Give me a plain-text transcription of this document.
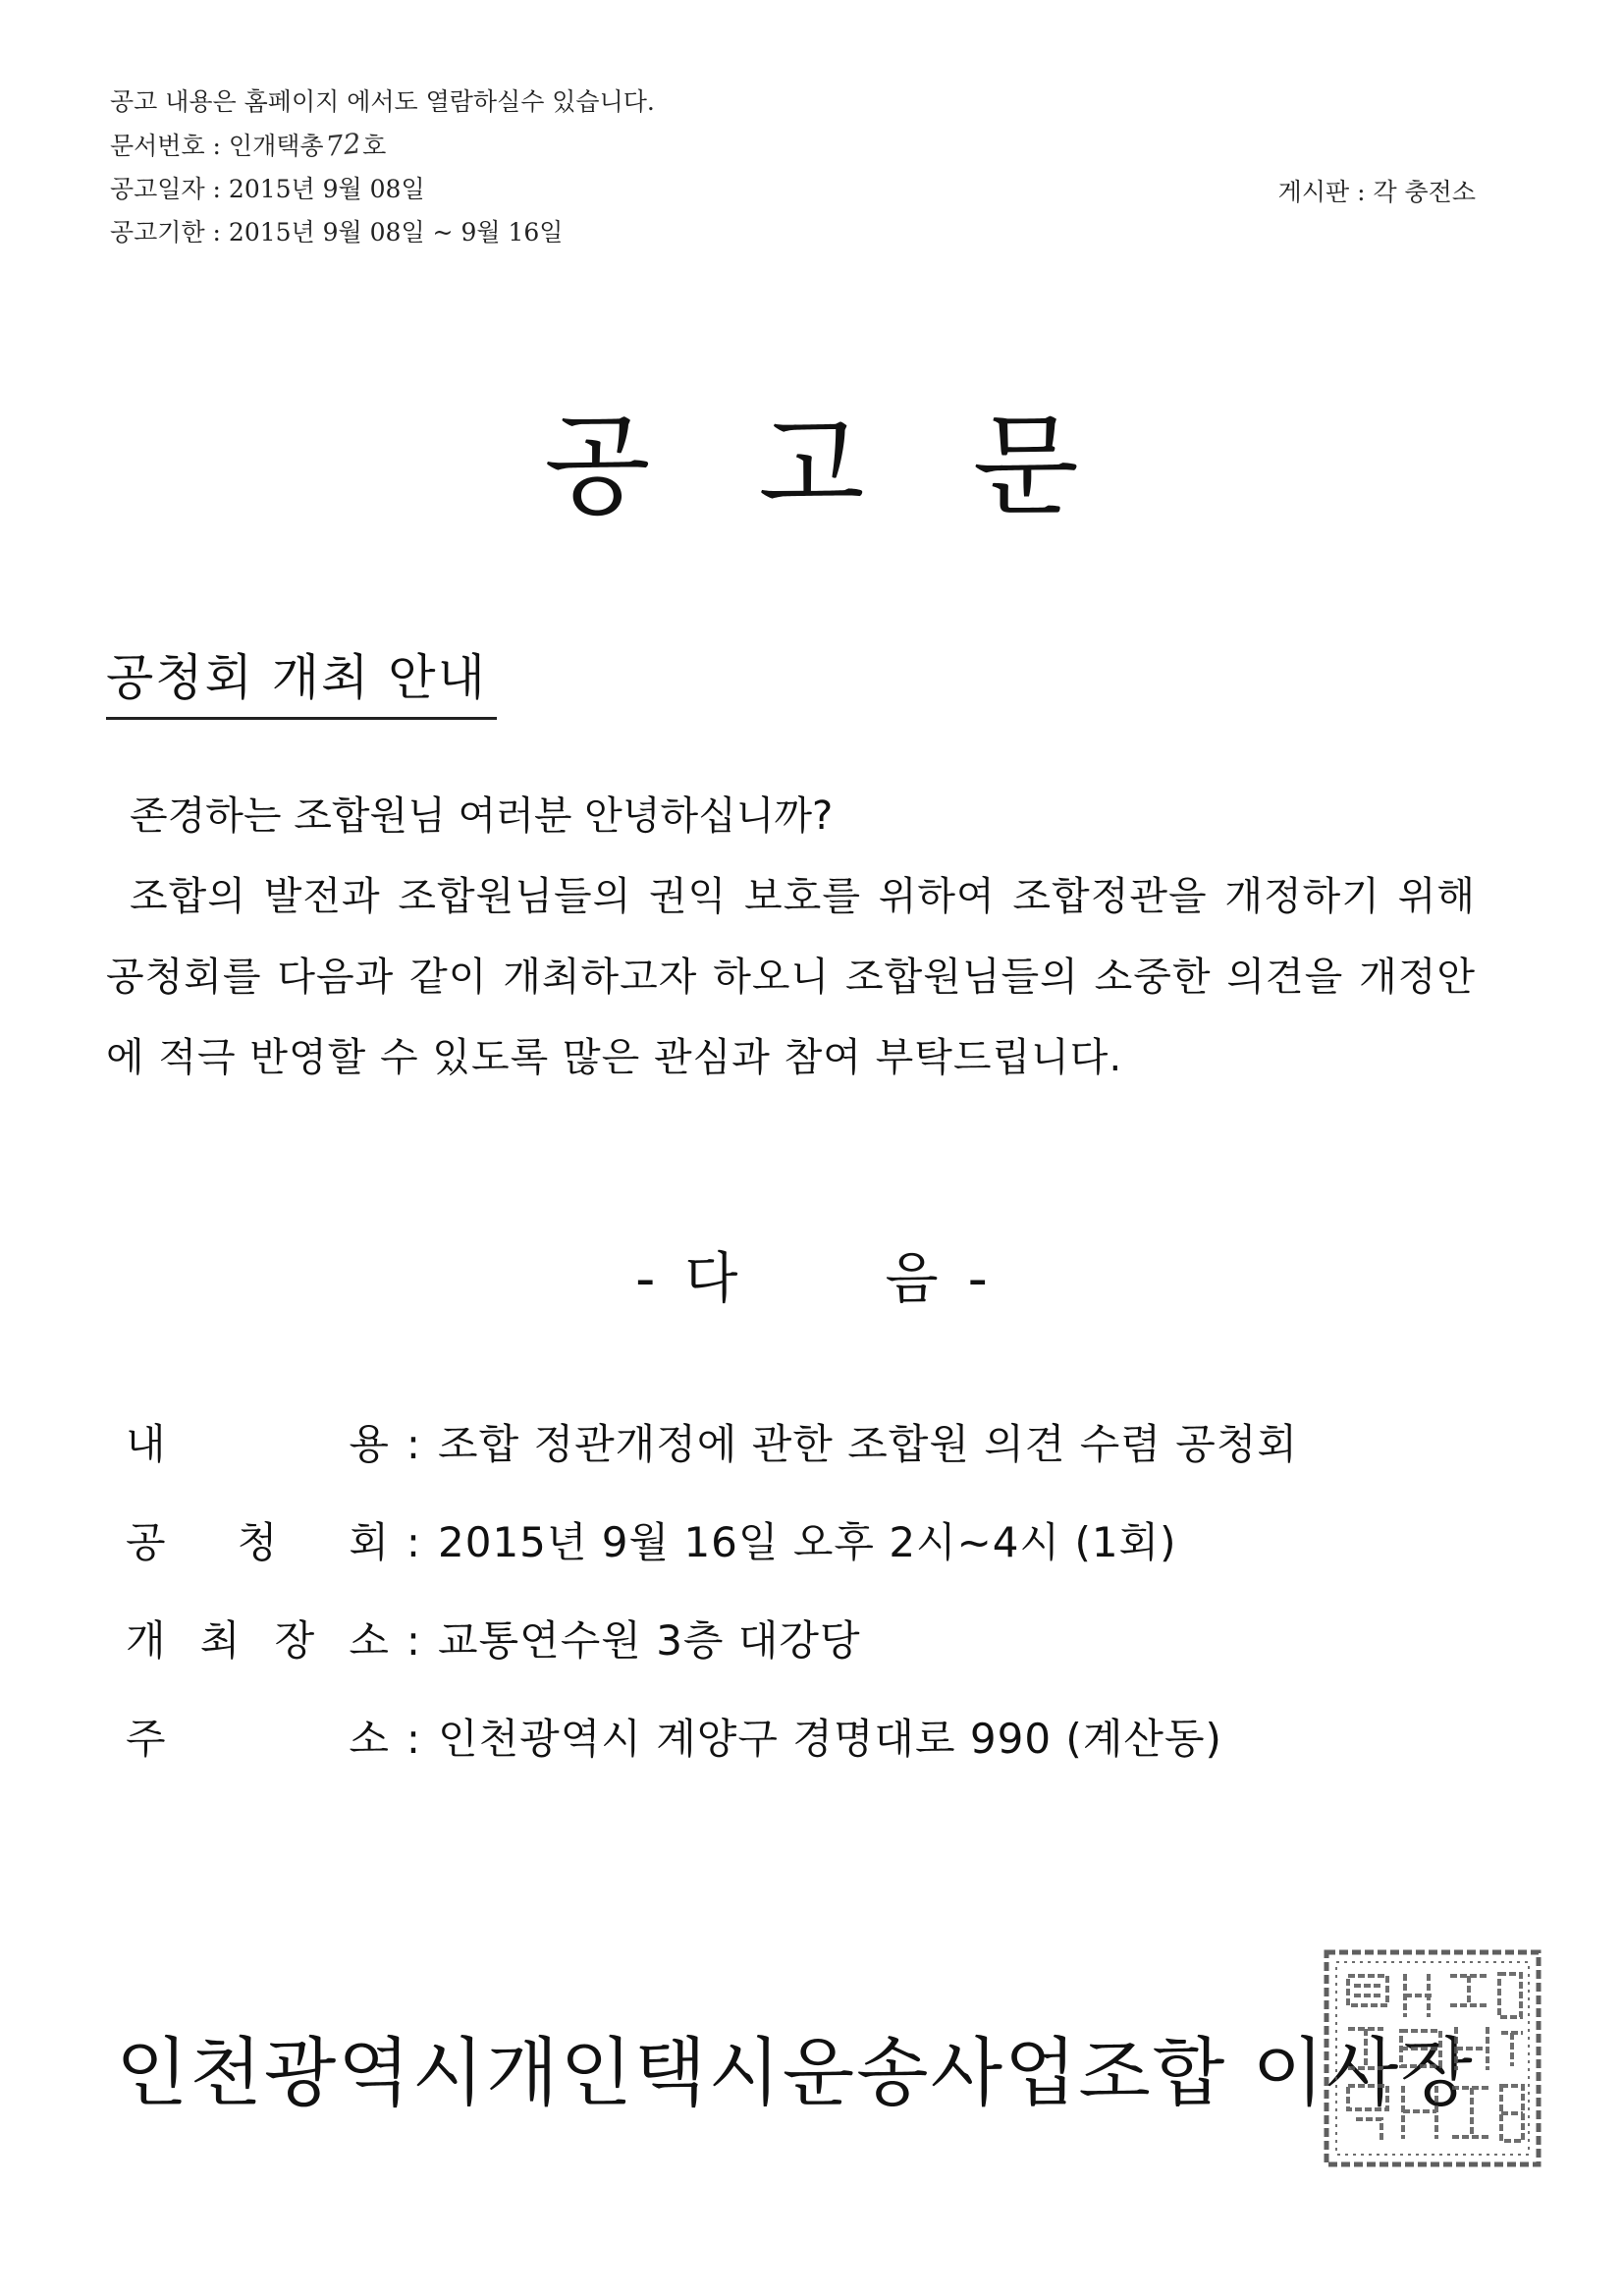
공고 내용은 홈페이지 에서도 열람하실수 있습니다.
문서번호 : 인개택총72호
공고일자 : 2015년 9월 08일
공고기한 : 2015년 9월 08일 ~ 9월 16일
게시판 : 각 충전소
공고문
공청회 개최 안내
존경하는 조합원님 여러분 안녕하십니까?
조합의 발전과 조합원님들의 권익 보호를 위하여 조합정관을 개정하기 위해 공청회를 다음과 같이 개최하고자 하오니 조합원님들의 소중한 의견을 개정안에 적극 반영할 수 있도록 많은 관심과 참여 부탁드립니다.
- 다	음 -
내	용 : 조합 정관개정에 관한 조합원 의견 수렴 공청회
공 청 회 : 2015년 9월 16일 오후 2시~4시 (1회)
개 최 장 소 : 교통연수원 3층 대강당
주	소 : 인천광역시 계양구 경명대로 990 (계산동)
인천광역시개인택시운송사업조합 이사장
